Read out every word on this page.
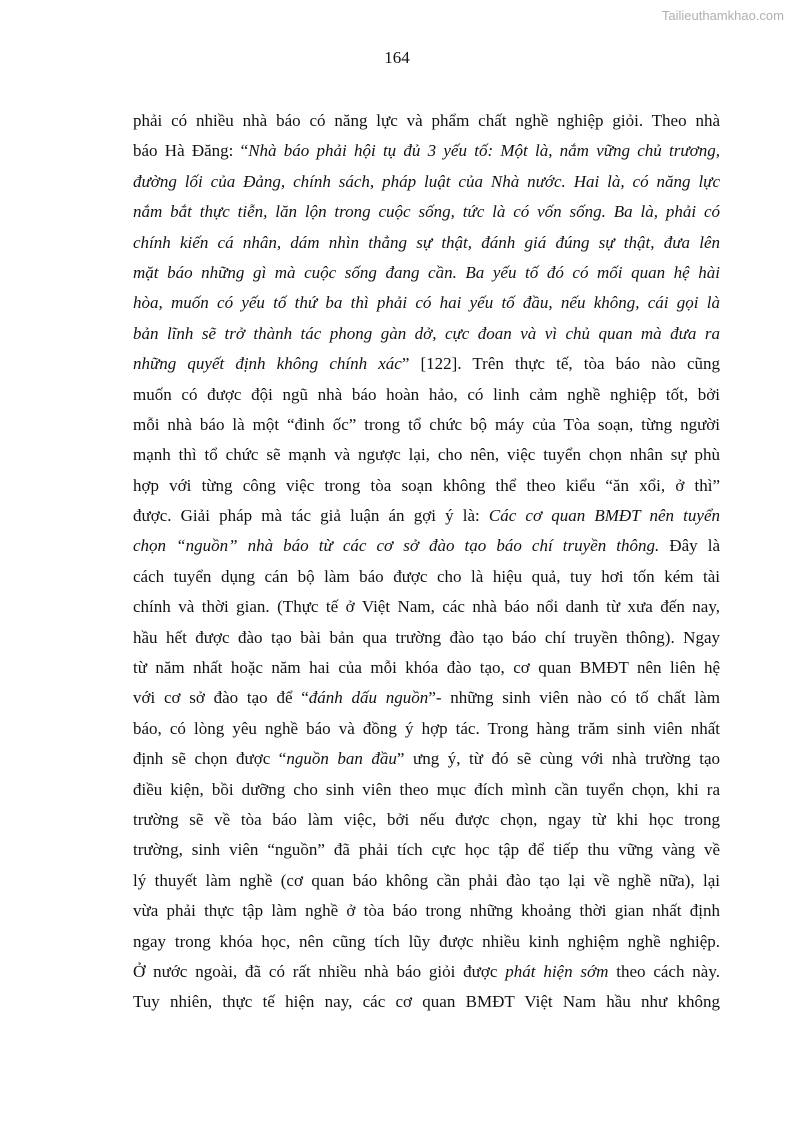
Tailieuthamkhao.com
164
phải có nhiều nhà báo có năng lực và phẩm chất nghề nghiệp giỏi. Theo nhà
báo Hà Đăng: “Nhà báo phải hội tụ đủ 3 yếu tố: Một là, nắm vững chủ trương,
đường lối của Đảng, chính sách, pháp luật của Nhà nước. Hai là, có năng lực
nắm bắt thực tiễn, lăn lộn trong cuộc sống, tức là có vốn sống. Ba là, phải có
chính kiến cá nhân, dám nhìn thẳng sự thật, đánh giá đúng sự thật, đưa lên
mặt báo những gì mà cuộc sống đang cần. Ba yếu tố đó có mối quan hệ hài
hòa, muốn có yếu tố thứ ba thì phải có hai yếu tố đầu, nếu không, cái gọi là
bản lĩnh sẽ trở thành tác phong gàn dở, cực đoan và vì chủ quan mà đưa ra
những quyết định không chính xác” [122]. Trên thực tế, tòa báo nào cũng
muốn có được đội ngũ nhà báo hoàn hảo, có linh cảm nghề nghiệp tốt, bởi
mỗi nhà báo là một “đinh ốc” trong tổ chức bộ máy của Tòa soạn, từng người
mạnh thì tổ chức sẽ mạnh và ngược lại, cho nên, việc tuyển chọn nhân sự phù
hợp với từng công việc trong tòa soạn không thể theo kiểu “ăn xổi, ở thì”
được. Giải pháp mà tác giả luận án gợi ý là: Các cơ quan BMĐT nên tuyển
chọn “nguồn” nhà báo từ các cơ sở đào tạo báo chí truyền thông. Đây là
cách tuyển dụng cán bộ làm báo được cho là hiệu quả, tuy hơi tốn kém tài
chính và thời gian. (Thực tế ở Việt Nam, các nhà báo nổi danh từ xưa đến nay,
hầu hết được đào tạo bài bản qua trường đào tạo báo chí truyền thông). Ngay
từ năm nhất hoặc năm hai của mỗi khóa đào tạo, cơ quan BMĐT nên liên hệ
với cơ sở đào tạo để “đánh dấu nguồn”- những sinh viên nào có tố chất làm
báo, có lòng yêu nghề báo và đồng ý hợp tác. Trong hàng trăm sinh viên nhất
định sẽ chọn được “nguồn ban đầu” ưng ý, từ đó sẽ cùng với nhà trường tạo
điều kiện, bồi dưỡng cho sinh viên theo mục đích mình cần tuyển chọn, khi ra
trường sẽ về tòa báo làm việc, bởi nếu được chọn, ngay từ khi học trong
trường, sinh viên “nguồn” đã phải tích cực học tập để tiếp thu vững vàng về
lý thuyết làm nghề (cơ quan báo không cần phải đào tạo lại về nghề nữa), lại
vừa phải thực tập làm nghề ở tòa báo trong những khoảng thời gian nhất định
ngay trong khóa học, nên cũng tích lũy được nhiều kinh nghiệm nghề nghiệp.
Ở nước ngoài, đã có rất nhiều nhà báo giỏi được phát hiện sớm theo cách này.
Tuy nhiên, thực tế hiện nay, các cơ quan BMĐT Việt Nam hầu như không
